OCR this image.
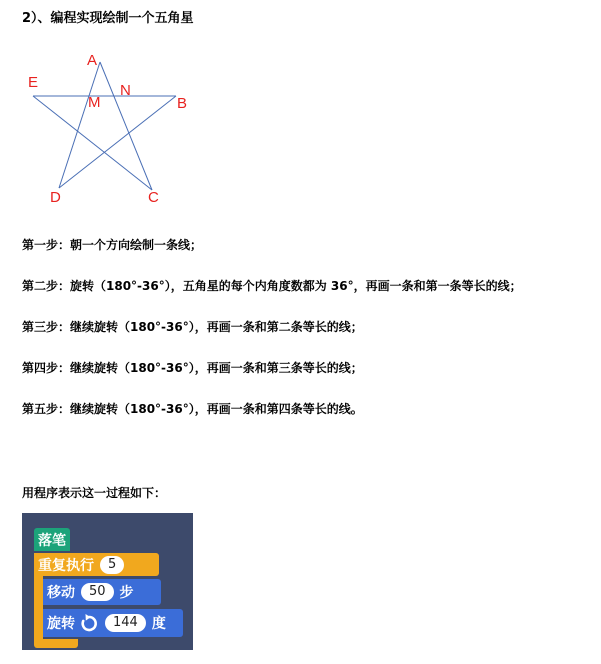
2）、编程实现绘制一个五角星
A
E	N
M	B
D	C
第一步：朝一个方向绘制一条线；
第二步：旋转（180°-36°），五角星的每个内角度数都为 36°，再画一条和第一条等长的线；
第三步：继续旋转（180°-36°），再画一条和第二条等长的线；
第四步：继续旋转（180°-36°），再画一条和第三条等长的线；
第五步：继续旋转（180°-36°），再画一条和第四条等长的线。
用程序表示这一过程如下：
落笔
重复执行	5
移动	50	步
旋转	144	度
